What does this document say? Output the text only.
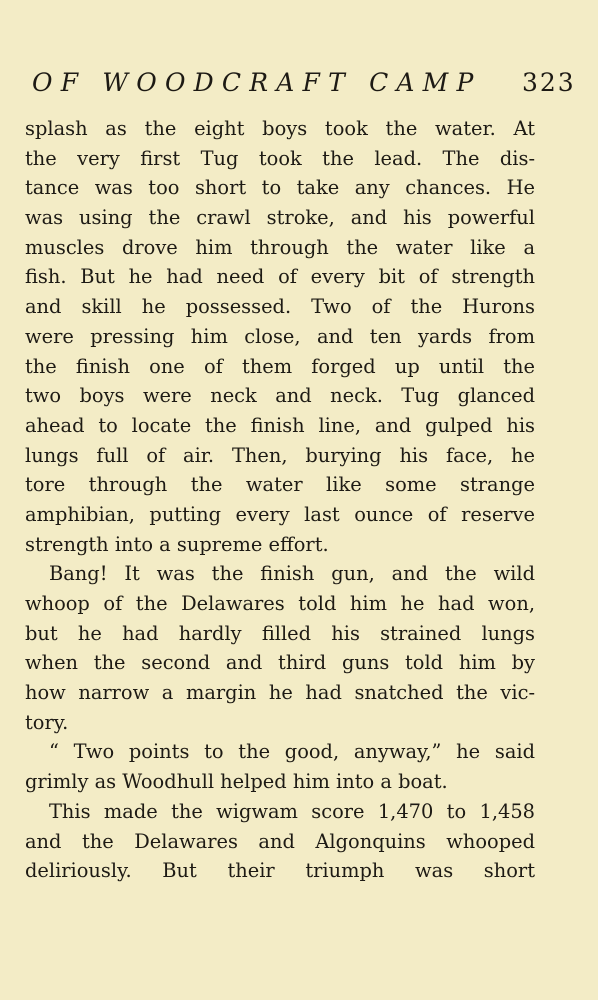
OF WOODCRAFT CAMP 323
splash as the eight boys took the water. At
the very first Tug took the lead. The dis-
tance was too short to take any chances. He
was using the crawl stroke, and his powerful
muscles drove him through the water like a
fish. But he had need of every bit of strength
and skill he possessed. Two of the Hurons
were pressing him close, and ten yards from
the finish one of them forged up until the
two boys were neck and neck. Tug glanced
ahead to locate the finish line, and gulped his
lungs full of air. Then, burying his face, he
tore through the water like some strange
amphibian, putting every last ounce of reserve
strength into a supreme effort.
Bang! It was the finish gun, and the wild
whoop of the Delawares told him he had won,
but he had hardly filled his strained lungs
when the second and third guns told him by
how narrow a margin he had snatched the vic-
tory.
“ Two points to the good, anyway,” he said
grimly as Woodhull helped him into a boat.
This made the wigwam score 1,470 to 1,458
and the Delawares and Algonquins whooped
deliriously. But their triumph was short
